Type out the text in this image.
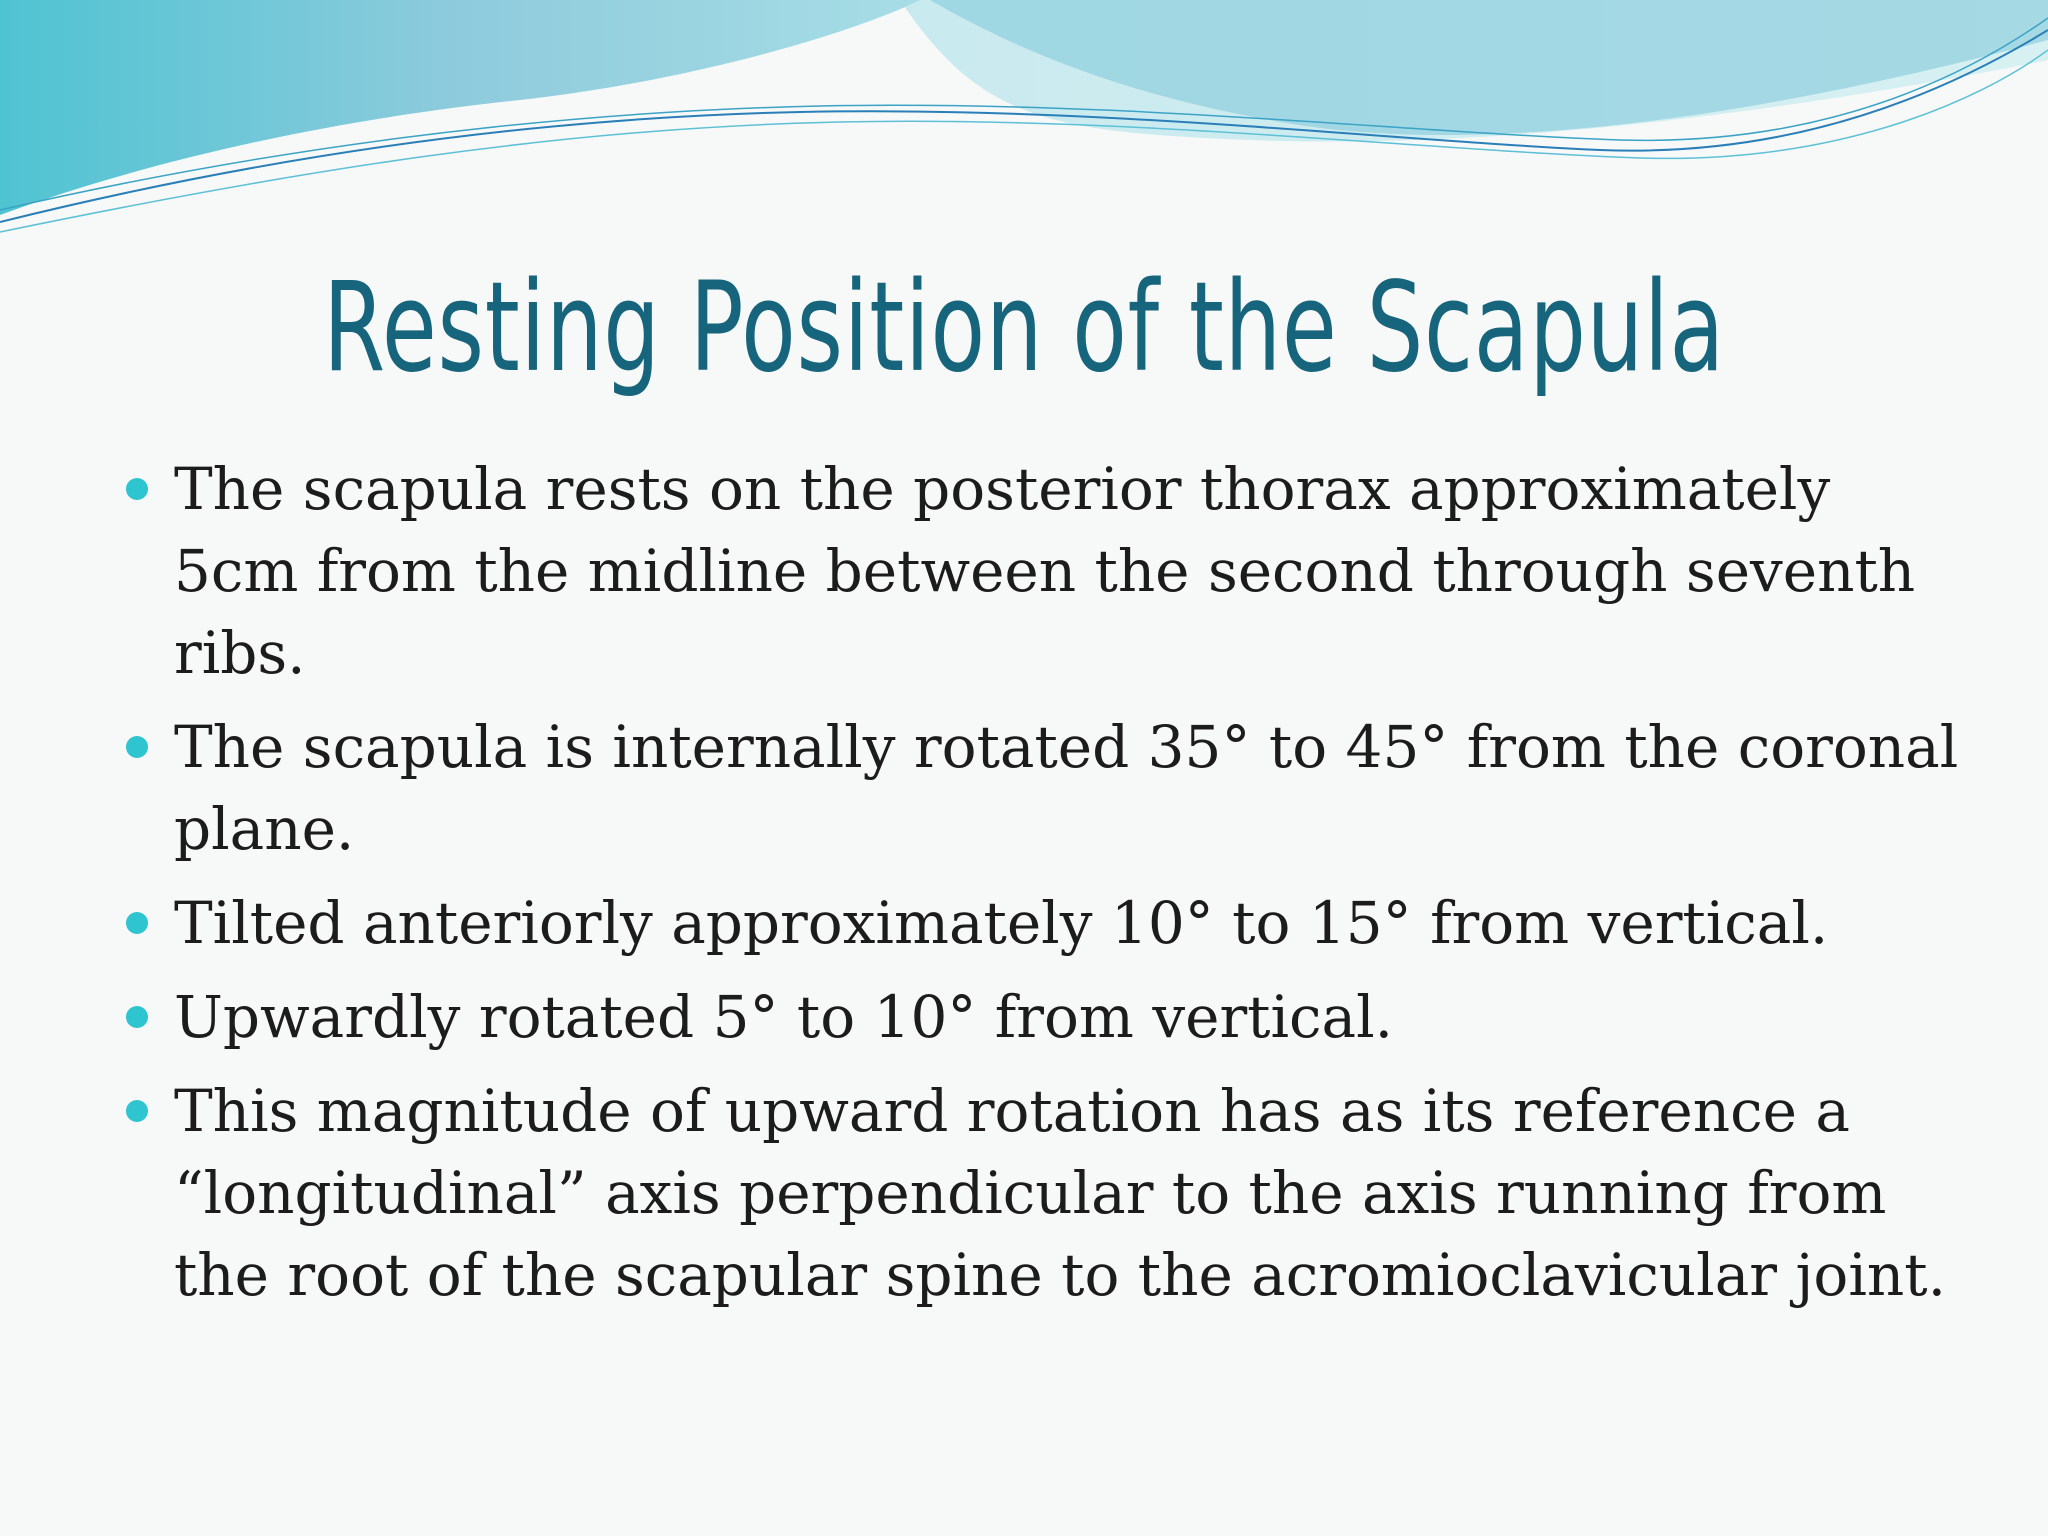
Resting Position of the Scapula
The scapula rests on the posterior thorax approximately 5cm from the midline between the second through seventh ribs.
The scapula is internally rotated 35° to 45° from the coronal plane.
Tilted anteriorly approximately 10° to 15° from vertical.
Upwardly rotated 5° to 10° from vertical.
This magnitude of upward rotation has as its reference a “longitudinal” axis perpendicular to the axis running from the root of the scapular spine to the acromioclavicular joint.
